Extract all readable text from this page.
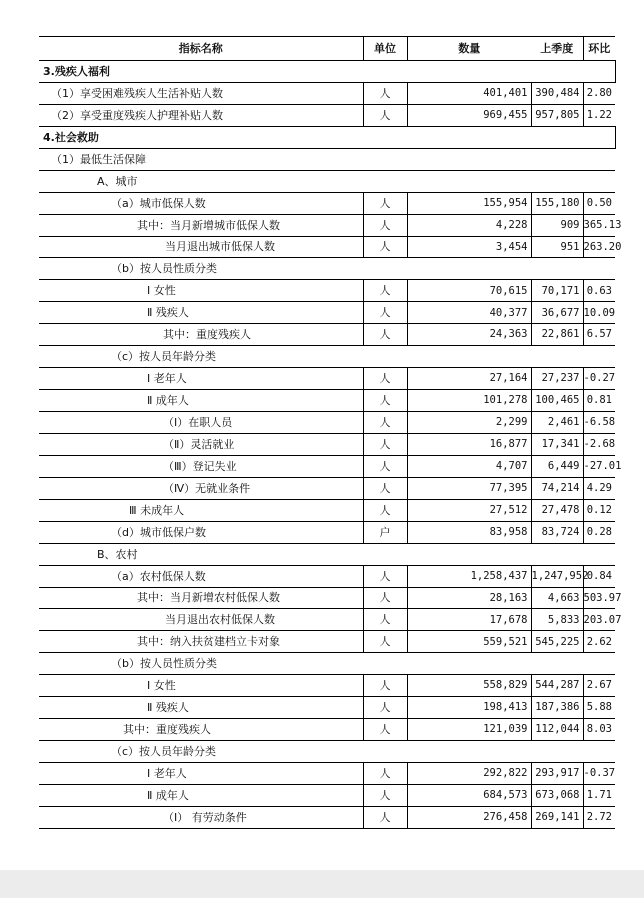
指标名称	单位	数量	上季度	环比
3.残疾人福利				
（1）享受困难残疾人生活补贴人数	人	401,401	390,484	2.80
（2）享受重度残疾人护理补贴人数	人	969,455	957,805	1.22
4.社会救助				
（1）最低生活保障				
A、城市				
（a）城市低保人数	人	155,954	155,180	0.50
其中：当月新增城市低保人数	人	4,228	909	365.13
当月退出城市低保人数	人	3,454	951	263.20
（b）按人员性质分类				
Ⅰ 女性	人	70,615	70,171	0.63
Ⅱ 残疾人	人	40,377	36,677	10.09
其中：重度残疾人	人	24,363	22,861	6.57
（c）按人员年龄分类				
Ⅰ 老年人	人	27,164	27,237	-0.27
Ⅱ 成年人	人	101,278	100,465	0.81
（Ⅰ）在职人员	人	2,299	2,461	-6.58
（Ⅱ）灵活就业	人	16,877	17,341	-2.68
（Ⅲ）登记失业	人	4,707	6,449	-27.01
（Ⅳ）无就业条件	人	77,395	74,214	4.29
Ⅲ 未成年人	人	27,512	27,478	0.12
（d）城市低保户数	户	83,958	83,724	0.28
B、农村				
（a）农村低保人数	人	1,258,437	1,247,952	0.84
其中：当月新增农村低保人数	人	28,163	4,663	503.97
当月退出农村低保人数	人	17,678	5,833	203.07
其中：纳入扶贫建档立卡对象	人	559,521	545,225	2.62
（b）按人员性质分类				
Ⅰ 女性	人	558,829	544,287	2.67
Ⅱ 残疾人	人	198,413	187,386	5.88
其中：重度残疾人	人	121,039	112,044	8.03
（c）按人员年龄分类				
Ⅰ 老年人	人	292,822	293,917	-0.37
Ⅱ 成年人	人	684,573	673,068	1.71
（Ⅰ） 有劳动条件	人	276,458	269,141	2.72
